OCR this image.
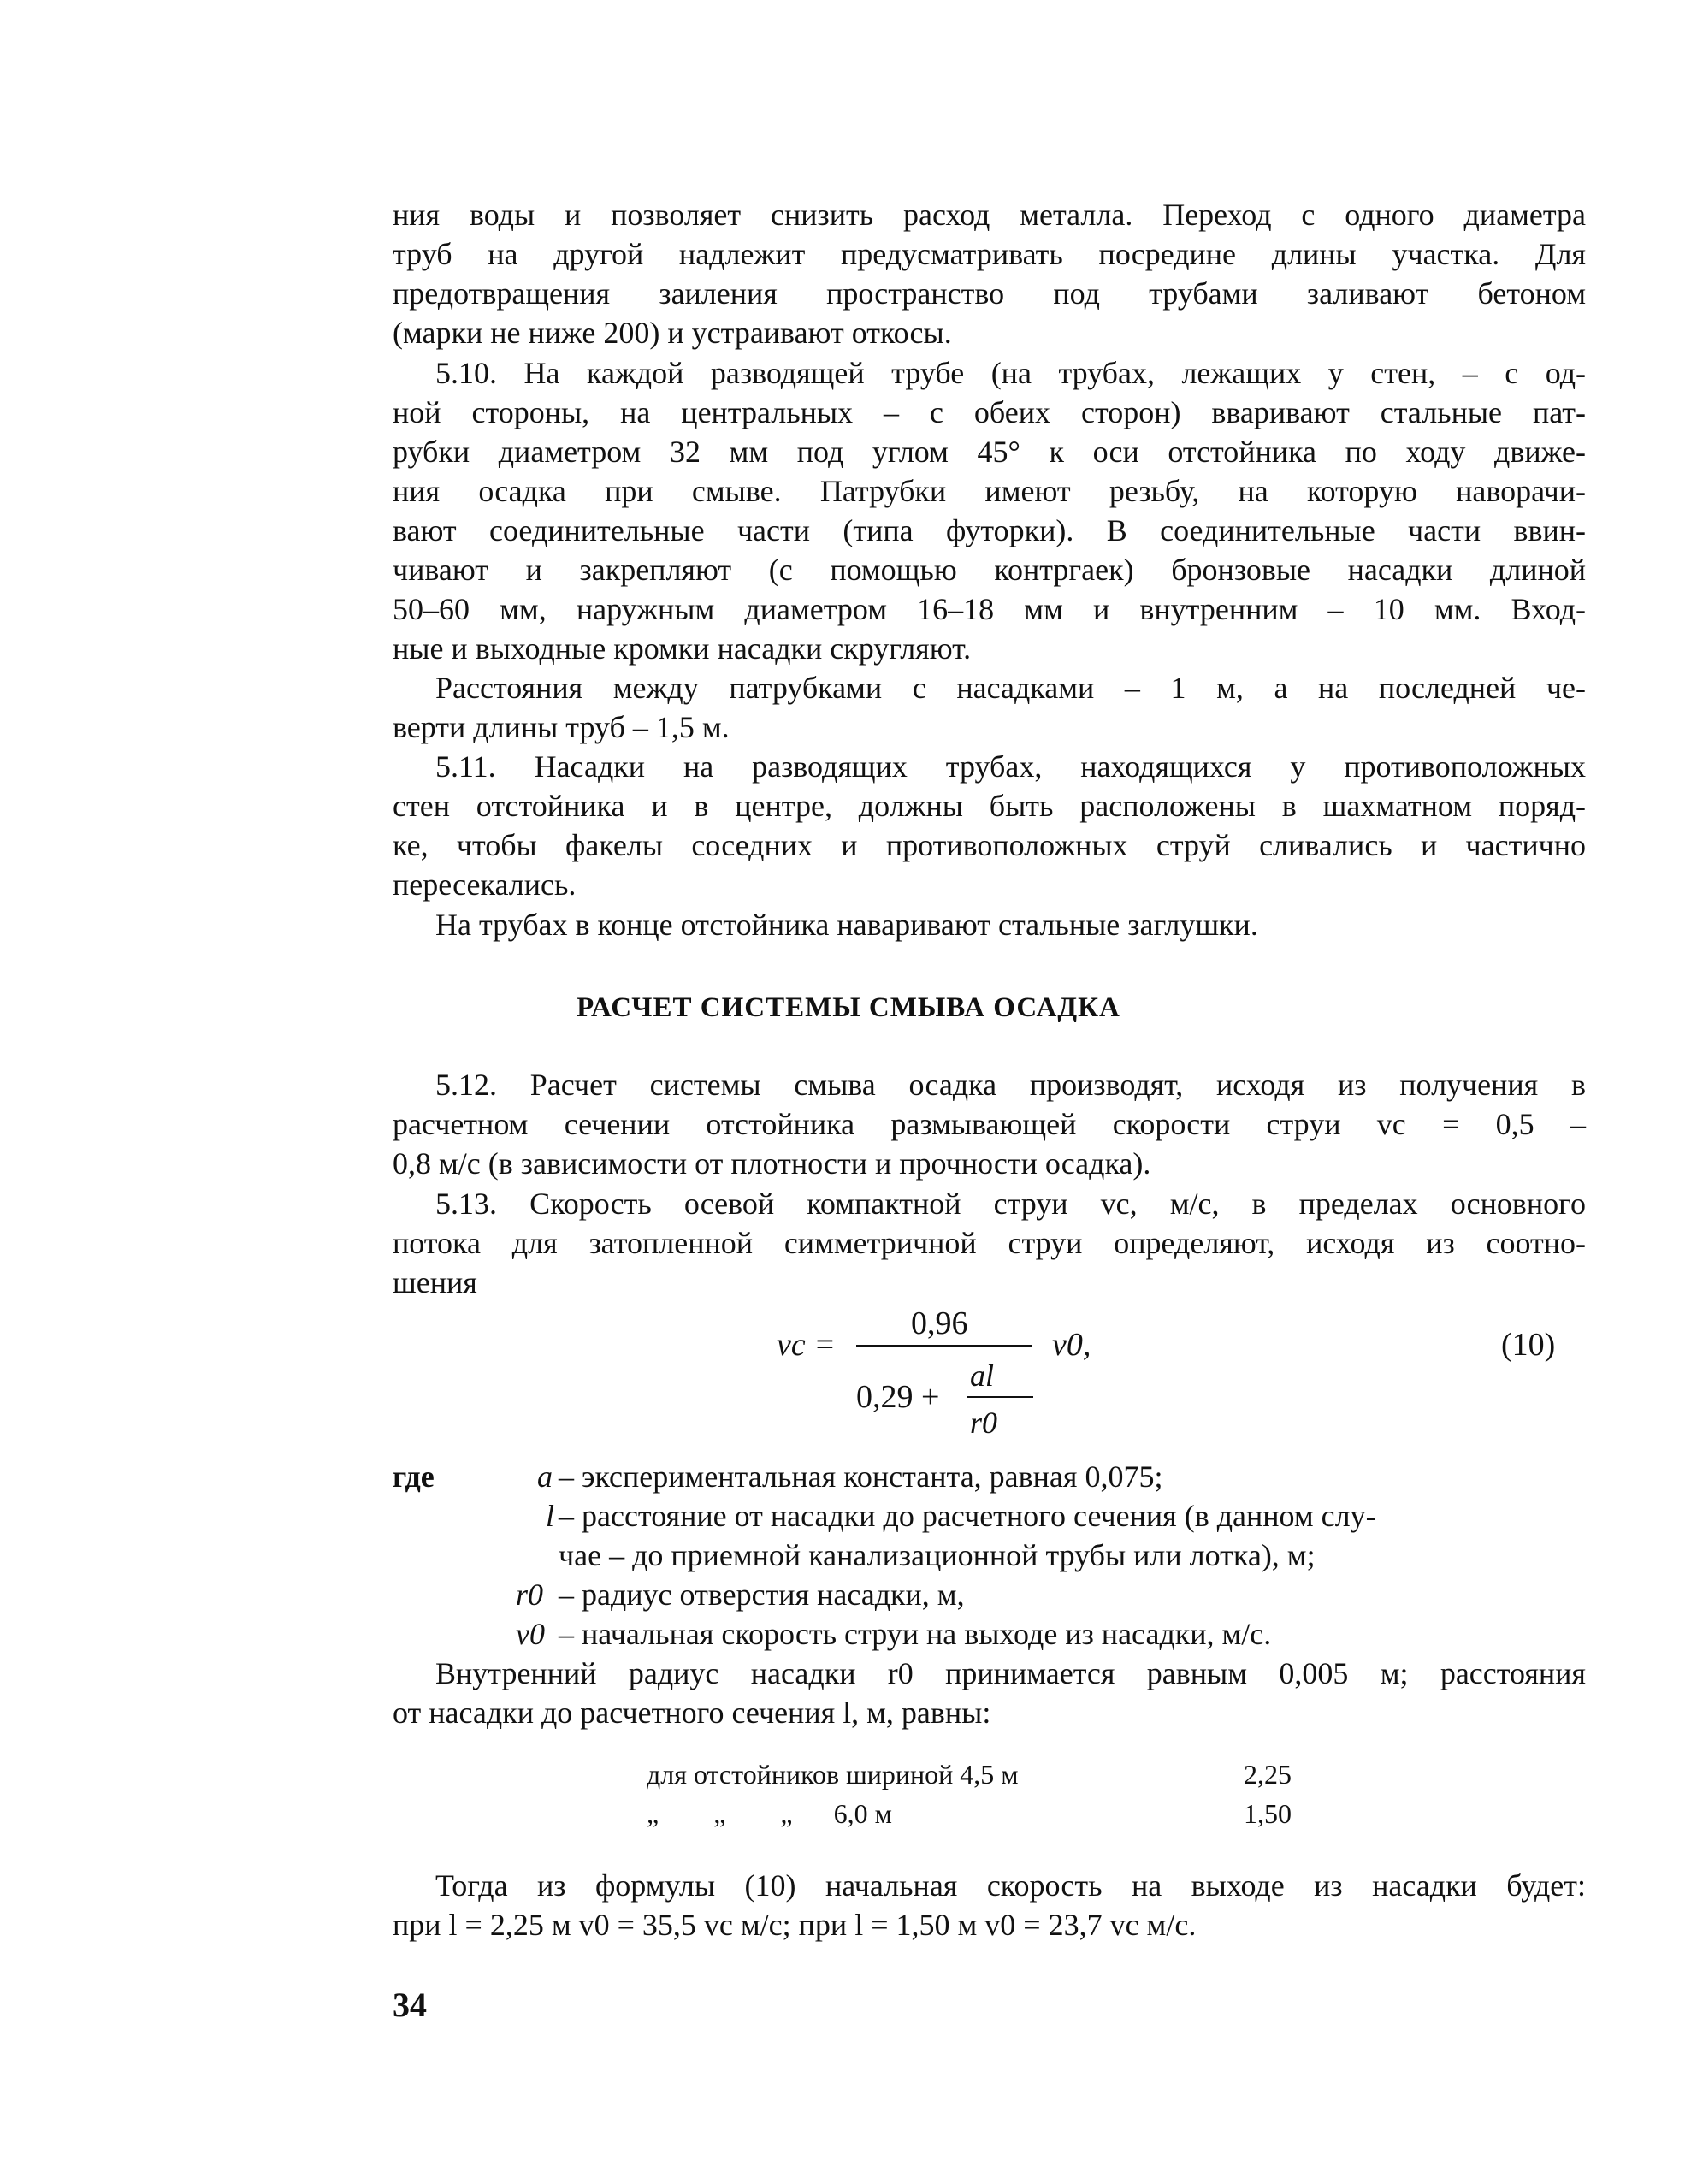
ния воды и позволяет снизить расход металла. Переход с одного диаметра
труб на другой надлежит предусматривать посредине длины участка. Для
предотвращения заиления пространство под трубами заливают бетоном
(марки не ниже 200) и устраивают откосы.
5.10. На каждой разводящей трубе (на трубах, лежащих у стен, – с од-
ной стороны, на центральных – с обеих сторон) вваривают стальные пат-
рубки диаметром 32 мм под углом 45° к оси отстойника по ходу движе-
ния осадка при смыве. Патрубки имеют резьбу, на которую наворачи-
вают соединительные части (типа футорки). В соединительные части ввин-
чивают и закрепляют (с помощью контргаек) бронзовые насадки длиной
50–60 мм, наружным диаметром 16–18 мм и внутренним – 10 мм. Вход-
ные и выходные кромки насадки скругляют.
Расстояния между патрубками с насадками – 1 м, а на последней че-
верти длины труб – 1,5 м.
5.11. Насадки на разводящих трубах, находящихся у противоположных
стен отстойника и в центре, должны быть расположены в шахматном поряд-
ке, чтобы факелы соседних и противоположных струй сливались и частично
пересекались.
На трубах в конце отстойника наваривают стальные заглушки.
РАСЧЕТ СИСТЕМЫ СМЫВА ОСАДКА
5.12. Расчет системы смыва осадка производят, исходя из получения в
расчетном сечении отстойника размывающей скорости струи vc = 0,5 –
0,8 м/с (в зависимости от плотности и прочности осадка).
5.13. Скорость осевой компактной струи vc, м/с, в пределах основного
потока для затопленной симметричной струи определяют, исходя из соотно-
шения
vc =
0,96
0,29 +
al
r0
v0,	(10)
где	a – экспериментальная константа, равная 0,075;
l – расстояние от насадки до расчетного сечения (в данном слу-
чае – до приемной канализационной трубы или лотка), м;
r0 – радиус отверстия насадки, м,
v0 – начальная скорость струи на выходе из насадки, м/с.
Внутренний радиус насадки r0 принимается равным 0,005 м; расстояния
от насадки до расчетного сечения l, м, равны:
для отстойников шириной 4,5 м	2,25
„        „        „      6,0 м	1,50
Тогда из формулы (10) начальная скорость на выходе из насадки будет:
при l = 2,25 м v0 = 35,5 vc м/с; при l = 1,50 м v0 = 23,7 vc м/с.
34
